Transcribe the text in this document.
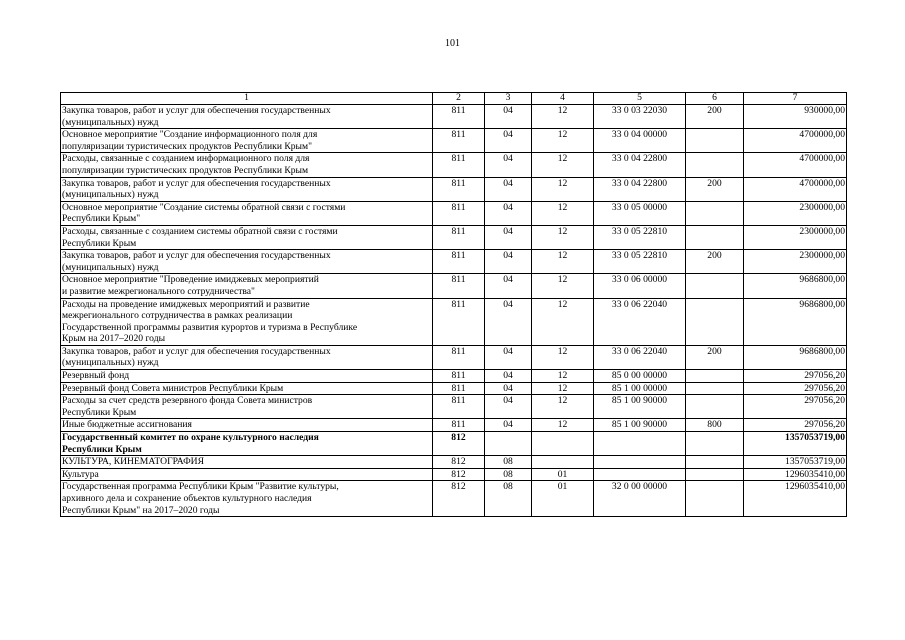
101
1	2	3	4	5	6	7

Закупка товаров, работ и услуг для обеспечения государственных
(муниципальных) нужд	811	04	12	33 0 03 22030	200	930000,00

Основное мероприятие "Создание информационного поля для
популяризации туристических продуктов Республики Крым"	811	04	12	33 0 04 00000		4700000,00

Расходы, связанные с созданием информационного поля для
популяризации туристических продуктов Республики Крым	811	04	12	33 0 04 22800		4700000,00

Закупка товаров, работ и услуг для обеспечения государственных
(муниципальных) нужд	811	04	12	33 0 04 22800	200	4700000,00

Основное мероприятие "Создание системы обратной связи с гостями
Республики Крым"	811	04	12	33 0 05 00000		2300000,00

Расходы, связанные с созданием системы обратной связи с гостями
Республики Крым	811	04	12	33 0 05 22810		2300000,00

Закупка товаров, работ и услуг для обеспечения государственных
(муниципальных) нужд	811	04	12	33 0 05 22810	200	2300000,00

Основное мероприятие "Проведение имиджевых мероприятий
и развитие межрегионального сотрудничества"	811	04	12	33 0 06 00000		9686800,00

Расходы на проведение имиджевых мероприятий и развитие
межрегионального сотрудничества в рамках реализации
Государственной программы развития курортов и туризма в Республике
Крым на 2017–2020 годы	811	04	12	33 0 06 22040		9686800,00

Закупка товаров, работ и услуг для обеспечения государственных
(муниципальных) нужд	811	04	12	33 0 06 22040	200	9686800,00

Резервный фонд	811	04	12	85 0 00 00000		297056,20

Резервный фонд Совета министров Республики Крым	811	04	12	85 1 00 00000		297056,20

Расходы за счет средств резервного фонда Совета министров
Республики Крым	811	04	12	85 1 00 90000		297056,20

Иные бюджетные ассигнования	811	04	12	85 1 00 90000	800	297056,20

Государственный комитет по охране культурного наследия
Республики Крым	812					1357053719,00

КУЛЬТУРА, КИНЕМАТОГРАФИЯ	812	08				1357053719,00

Культура	812	08	01			1296035410,00

Государственная программа Республики Крым "Развитие культуры,
архивного дела и сохранение объектов культурного наследия
Республики Крым" на 2017–2020 годы	812	08	01	32 0 00 00000		1296035410,00
